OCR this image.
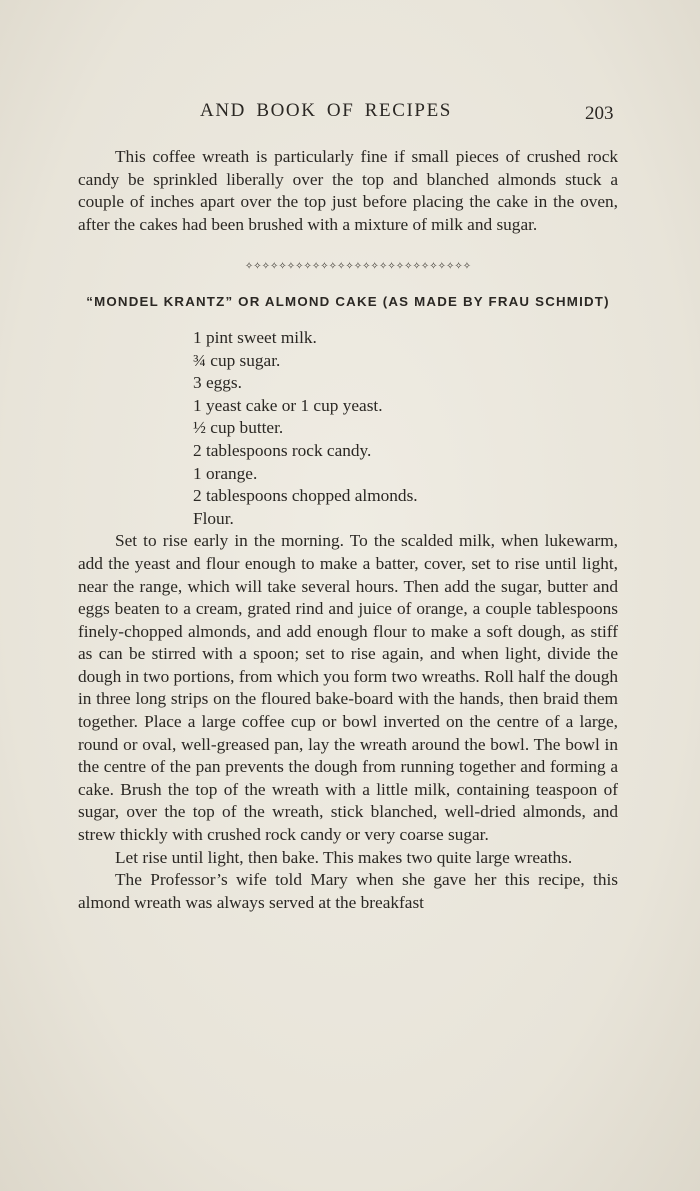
AND BOOK OF RECIPES	203

This coffee wreath is particularly fine if small pieces of crushed rock candy be sprinkled liberally over the top and blanched almonds stuck a couple of inches apart over the top just before placing the cake in the oven, after the cakes had been brushed with a mixture of milk and sugar.

✧✧✧✧✧✧✧✧✧✧✧✧✧✧✧✧✧✧✧✧✧✧✧✧✧✧✧
“MONDEL KRANTZ” OR ALMOND CAKE (AS MADE BY FRAU SCHMIDT)
1 pint sweet milk.
¾ cup sugar.
3 eggs.
1 yeast cake or 1 cup yeast.
½ cup butter.
2 tablespoons rock candy.
1 orange.
2 tablespoons chopped almonds.
Flour.

Set to rise early in the morning. To the scalded milk, when lukewarm, add the yeast and flour enough to make a batter, cover, set to rise until light, near the range, which will take several hours. Then add the sugar, butter and eggs beaten to a cream, grated rind and juice of orange, a couple tablespoons finely-chopped almonds, and add enough flour to make a soft dough, as stiff as can be stirred with a spoon; set to rise again, and when light, divide the dough in two portions, from which you form two wreaths. Roll half the dough in three long strips on the floured bake-board with the hands, then braid them together. Place a large coffee cup or bowl inverted on the centre of a large, round or oval, well-greased pan, lay the wreath around the bowl. The bowl in the centre of the pan prevents the dough from running together and forming a cake. Brush the top of the wreath with a little milk, containing teaspoon of sugar, over the top of the wreath, stick blanched, well-dried almonds, and strew thickly with crushed rock candy or very coarse sugar.

Let rise until light, then bake. This makes two quite large wreaths.

The Professor’s wife told Mary when she gave her this recipe, this almond wreath was always served at the breakfast
